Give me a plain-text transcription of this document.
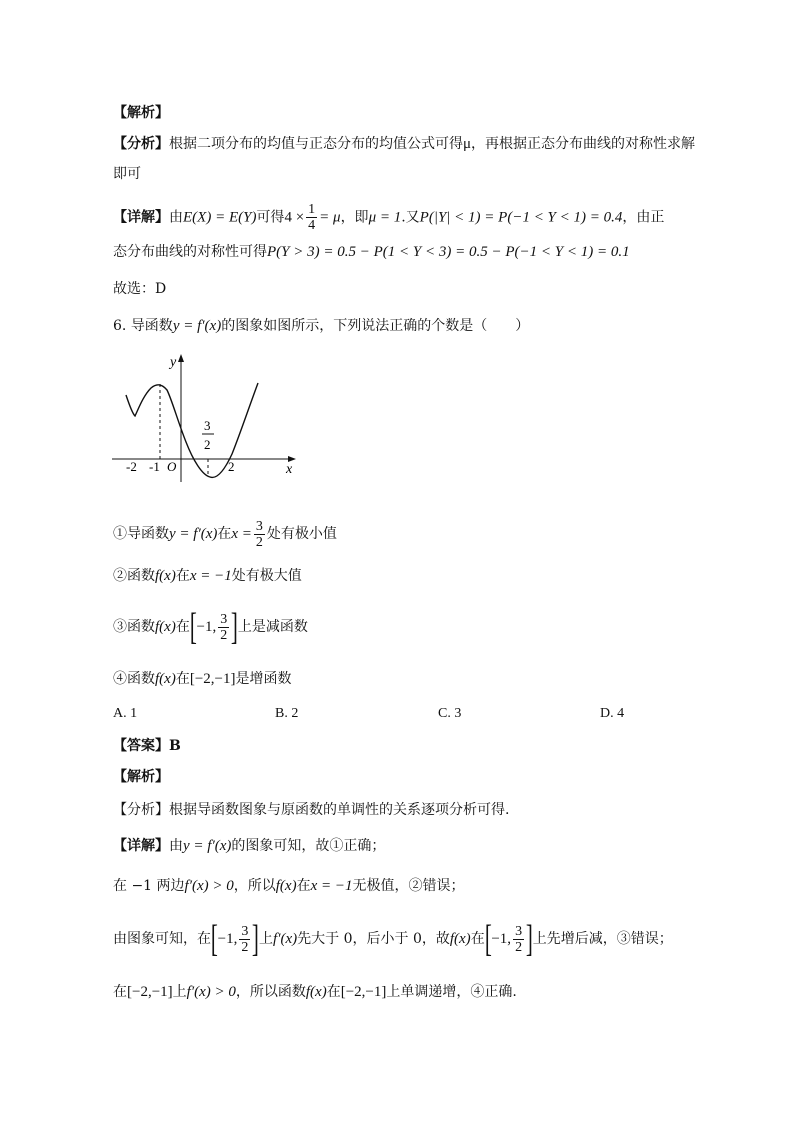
【解析】
【分析】根据二项分布的均值与正态分布的均值公式可得μ，再根据正态分布曲线的对称性求解
即可
【详解】由E(X) = E(Y)可得$4 \times \frac{1}{4} = \mu$，即μ = 1.又P(|Y| < 1) = P(−1 < Y < 1) = 0.4，由正
态分布曲线的对称性可得P(Y > 3) = 0.5 − P(1 < Y < 3) = 0.5 − P(−1 < Y < 1) = 0.1
故选：D
6. 导函数y = f′(x)的图象如图所示，下列说法正确的个数是（　　）
y
x
O
-2 -1	2
3
2
①导函数y = f′(x)在$x = \frac{3}{2}$ 处有极小值
②函数f(x)在x = −1处有极大值
③函数f(x)在[−1, $\frac{3}{2}$ ]上是减函数
④函数f(x)在[−2,−1]是增函数
A. 1	B. 2	C. 3	D. 4
【答案】B
【解析】
【分析】根据导函数图象与原函数的单调性的关系逐项分析可得.
【详解】由y = f′(x)的图象可知，故①正确；
在 −1 两边f′(x) > 0，所以f(x)在x = −1无极值，②错误；
由图象可知，在[−1, $\frac{3}{2}$ ]上f′(x)先大于 0，后小于 0，故f(x)在[−1, $\frac{3}{2}$ ]上先增后减，③错误；
在[−2,−1]上f′(x) > 0，所以函数f(x)在[−2,−1]上单调递增，④正确.
